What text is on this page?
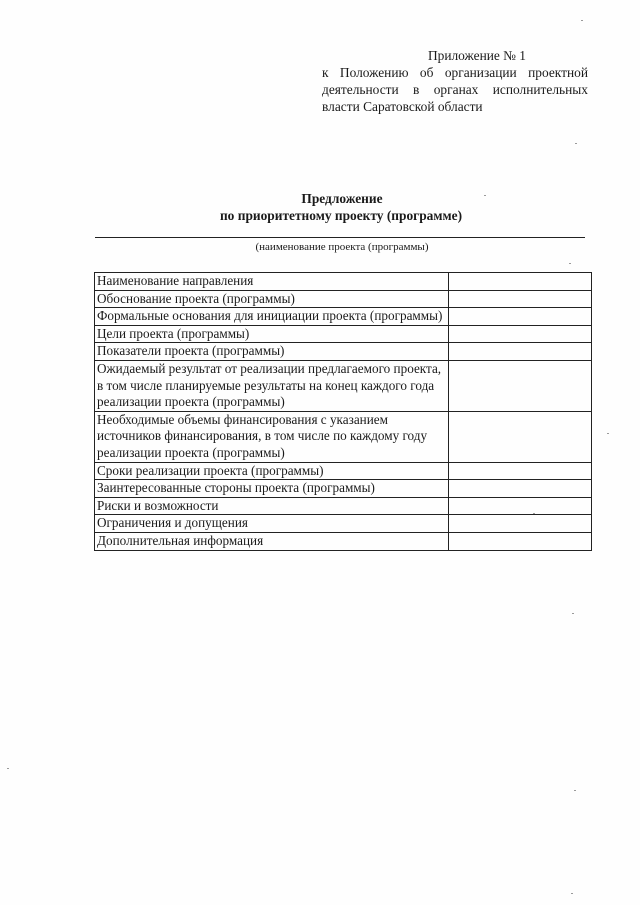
Приложение № 1
к Положению об организации проектной
деятельности в органах исполнительных
власти Саратовской области
Предложение
по приоритетному проекту (программе)
(наименование проекта (программы)
Наименование направления	
Обоснование проекта (программы)	
Формальные основания для инициации проекта (программы)	
Цели проекта (программы)	
Показатели проекта (программы)	
Ожидаемый результат от реализации предлагаемого проекта, в том числе планируемые результаты на конец каждого года реализации проекта (программы)	
Необходимые объемы финансирования с указанием источников финансирования, в том числе по каждому году реализации проекта (программы)	
Сроки реализации проекта (программы)	
Заинтересованные стороны проекта (программы)	
Риски и возможности	
Ограничения и допущения	
Дополнительная информация	
